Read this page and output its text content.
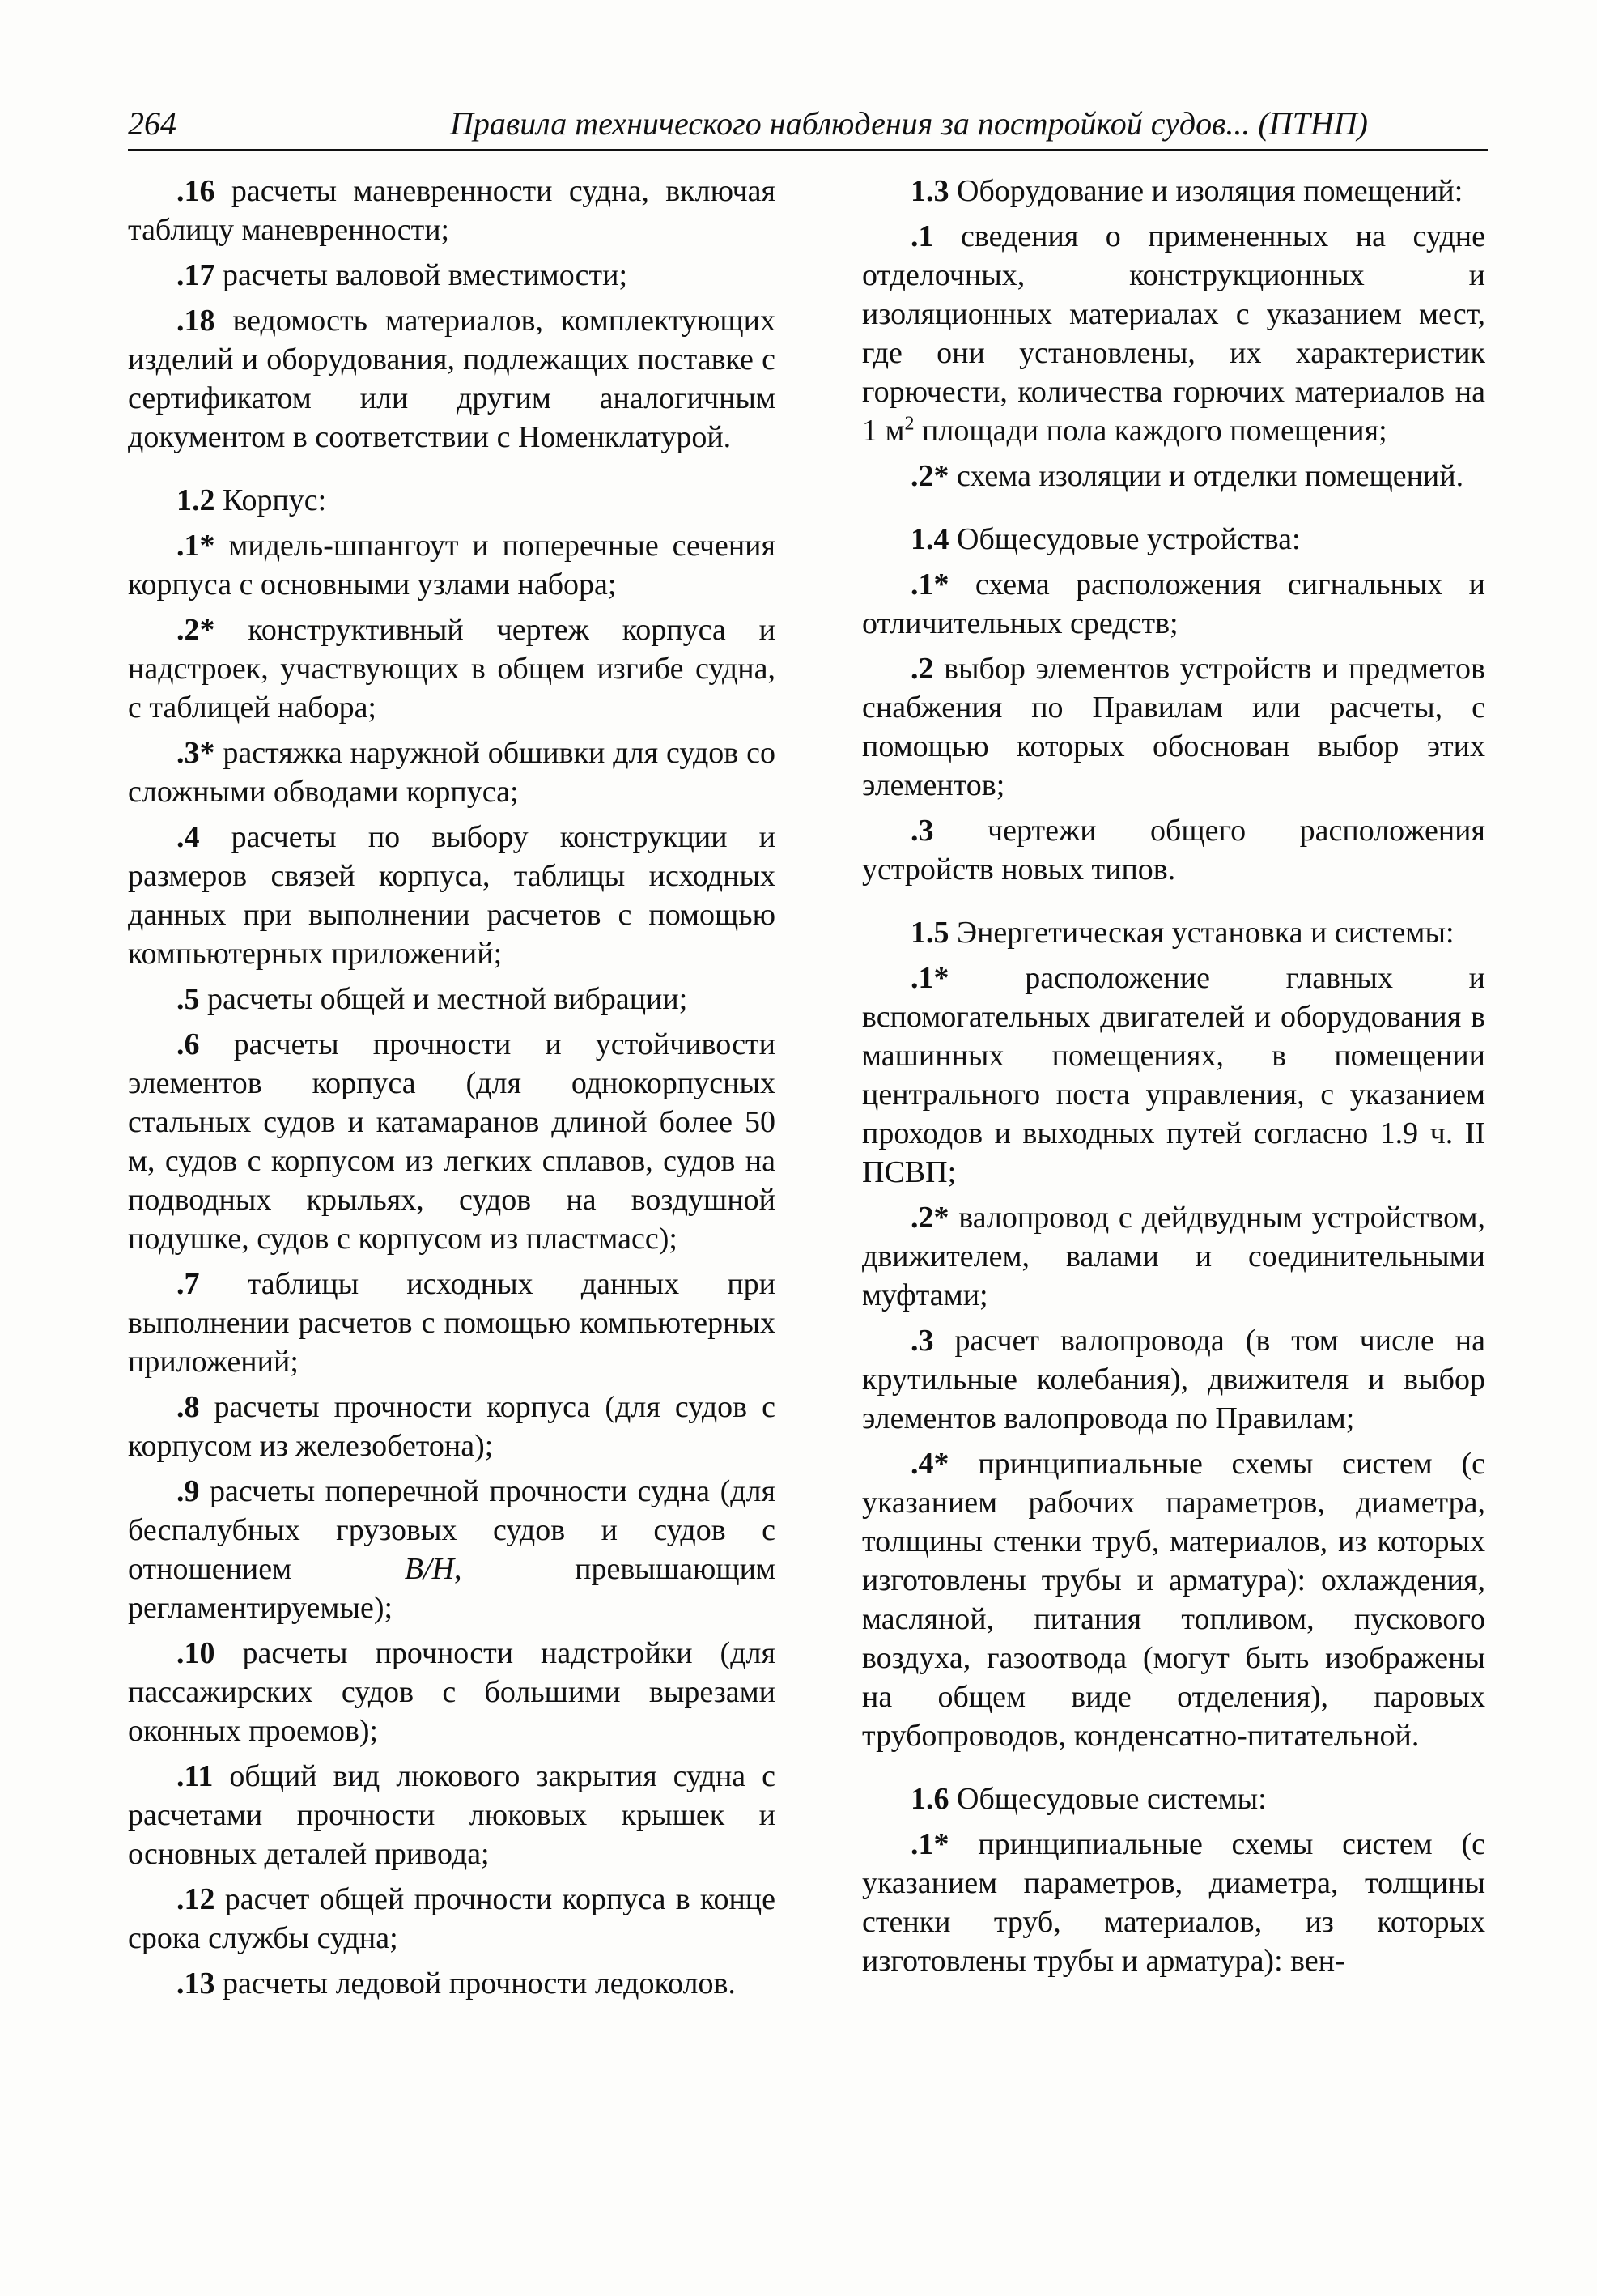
264	Правила технического наблюдения за постройкой судов... (ПТНП)

.16 расчеты маневренности судна, включая таблицу маневренности;

.17 расчеты валовой вместимости;

.18 ведомость материалов, комплектующих изделий и оборудования, подлежащих поставке с сертификатом или другим аналогичным документом в соответствии с Номенклатурой.

1.2 Корпус:

.1* мидель-шпангоут и поперечные сечения корпуса с основными узлами набора;

.2* конструктивный чертеж корпуса и надстроек, участвующих в общем изгибе судна, с таблицей набора;

.3* растяжка наружной обшивки для судов со сложными обводами корпуса;

.4 расчеты по выбору конструкции и размеров связей корпуса, таблицы исходных данных при выполнении расчетов с помощью компьютерных приложений;

.5 расчеты общей и местной вибрации;

.6 расчеты прочности и устойчивости элементов корпуса (для однокорпусных стальных судов и катамаранов длиной более 50 м, судов с корпусом из легких сплавов, судов на подводных крыльях, судов на воздушной подушке, судов с корпусом из пластмасс);

.7 таблицы исходных данных при выполнении расчетов с помощью компьютерных приложений;

.8 расчеты прочности корпуса (для судов с корпусом из железобетона);

.9 расчеты поперечной прочности судна (для беспалубных грузовых судов и судов с отношением B/H, превышающим регламентируемые);

.10 расчеты прочности надстройки (для пассажирских судов с большими вырезами оконных проемов);

.11 общий вид люкового закрытия судна с расчетами прочности люковых крышек и основных деталей привода;

.12 расчет общей прочности корпуса в конце срока службы судна;

.13 расчеты ледовой прочности ледоколов.

1.3 Оборудование и изоляция помещений:

.1 сведения о примененных на судне отделочных, конструкционных и изоляционных материалах с указанием мест, где они установлены, их характеристик горючести, количества горючих материалов на 1 $м^2$ площади пола каждого помещения;

.2* схема изоляции и отделки помещений.

1.4 Общесудовые устройства:

.1* схема расположения сигнальных и отличительных средств;

.2 выбор элементов устройств и предметов снабжения по Правилам или расчеты, с помощью которых обоснован выбор этих элементов;

.3 чертежи общего расположения устройств новых типов.

1.5 Энергетическая установка и системы:

.1* расположение главных и вспомогательных двигателей и оборудования в машинных помещениях, в помещении центрального поста управления, с указанием проходов и выходных путей согласно 1.9 ч. II ПСВП;

.2* валопровод с дейдвудным устройством, движителем, валами и соединительными муфтами;

.3 расчет валопровода (в том числе на крутильные колебания), движителя и выбор элементов валопровода по Правилам;

.4* принципиальные схемы систем (с указанием рабочих параметров, диаметра, толщины стенки труб, материалов, из которых изготовлены трубы и арматура): охлаждения, масляной, питания топливом, пускового воздуха, газоотвода (могут быть изображены на общем виде отделения), паровых трубопроводов, конденсатно-питательной.

1.6 Общесудовые системы:

.1* принципиальные схемы систем (с указанием параметров, диаметра, толщины стенки труб, материалов, из которых изготовлены трубы и арматура): вен-
